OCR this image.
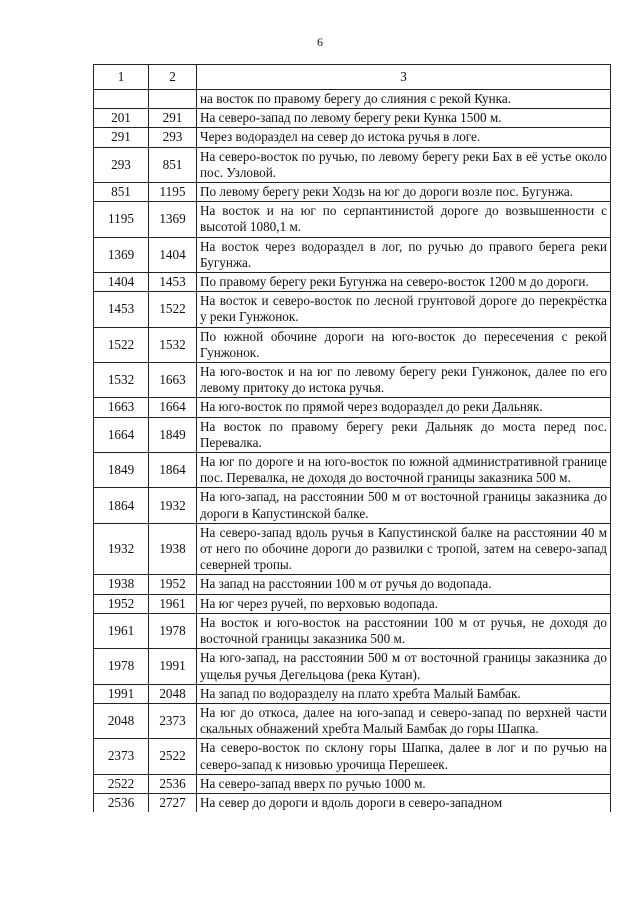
6
1	2	3
		на восток по правому берегу до слияния с рекой Кунка.
201	291	На северо-запад по левому берегу реки Кунка 1500 м.
291	293	Через водораздел на север до истока ручья в логе.
293	851	На северо-восток по ручью, по левому берегу реки Бах в её устье около пос. Узловой.
851	1195	По левому берегу реки Ходзь на юг до дороги возле пос. Бугунжа.
1195	1369	На восток и на юг по серпантинистой дороге до возвышенности с высотой 1080,1 м.
1369	1404	На восток через водораздел в лог, по ручью до правого берега реки Бугунжа.
1404	1453	По правому берегу реки Бугунжа на северо-восток 1200 м до дороги.
1453	1522	На восток и северо-восток по лесной грунтовой дороге до перекрёстка у реки Гунжонок.
1522	1532	По южной обочине дороги на юго-восток до пересечения с рекой Гунжонок.
1532	1663	На юго-восток и на юг по левому берегу реки Гунжонок, далее по его левому притоку до истока ручья.
1663	1664	На юго-восток по прямой через водораздел до реки Дальняк.
1664	1849	На восток по правому берегу реки Дальняк до моста перед пос. Перевалка.
1849	1864	На юг по дороге и на юго-восток по южной административной границе пос. Перевалка, не доходя до восточной границы заказника 500 м.
1864	1932	На юго-запад, на расстоянии 500 м от восточной границы заказника до дороги в Капустинской балке.
1932	1938	На северо-запад вдоль ручья в Капустинской балке на расстоянии 40 м от него по обочине дороги до развилки с тропой, затем на северо-запад северней тропы.
1938	1952	На запад на расстоянии 100 м от ручья до водопада.
1952	1961	На юг через ручей, по верховью водопада.
1961	1978	На восток и юго-восток на расстоянии 100 м от ручья, не доходя до восточной границы заказника 500 м.
1978	1991	На юго-запад, на расстоянии 500 м от восточной границы заказника до ущелья ручья Дегельцова (река Кутан).
1991	2048	На запад по водоразделу на плато хребта Малый Бамбак.
2048	2373	На юг до откоса, далее на юго-запад и северо-запад по верхней части скальных обнажений хребта Малый Бамбак до горы Шапка.
2373	2522	На северо-восток по склону горы Шапка, далее в лог и по ручью на северо-запад к низовью урочища Перешеек.
2522	2536	На северо-запад вверх по ручью 1000 м.
2536	2727	На север до дороги и вдоль дороги в северо-западном
